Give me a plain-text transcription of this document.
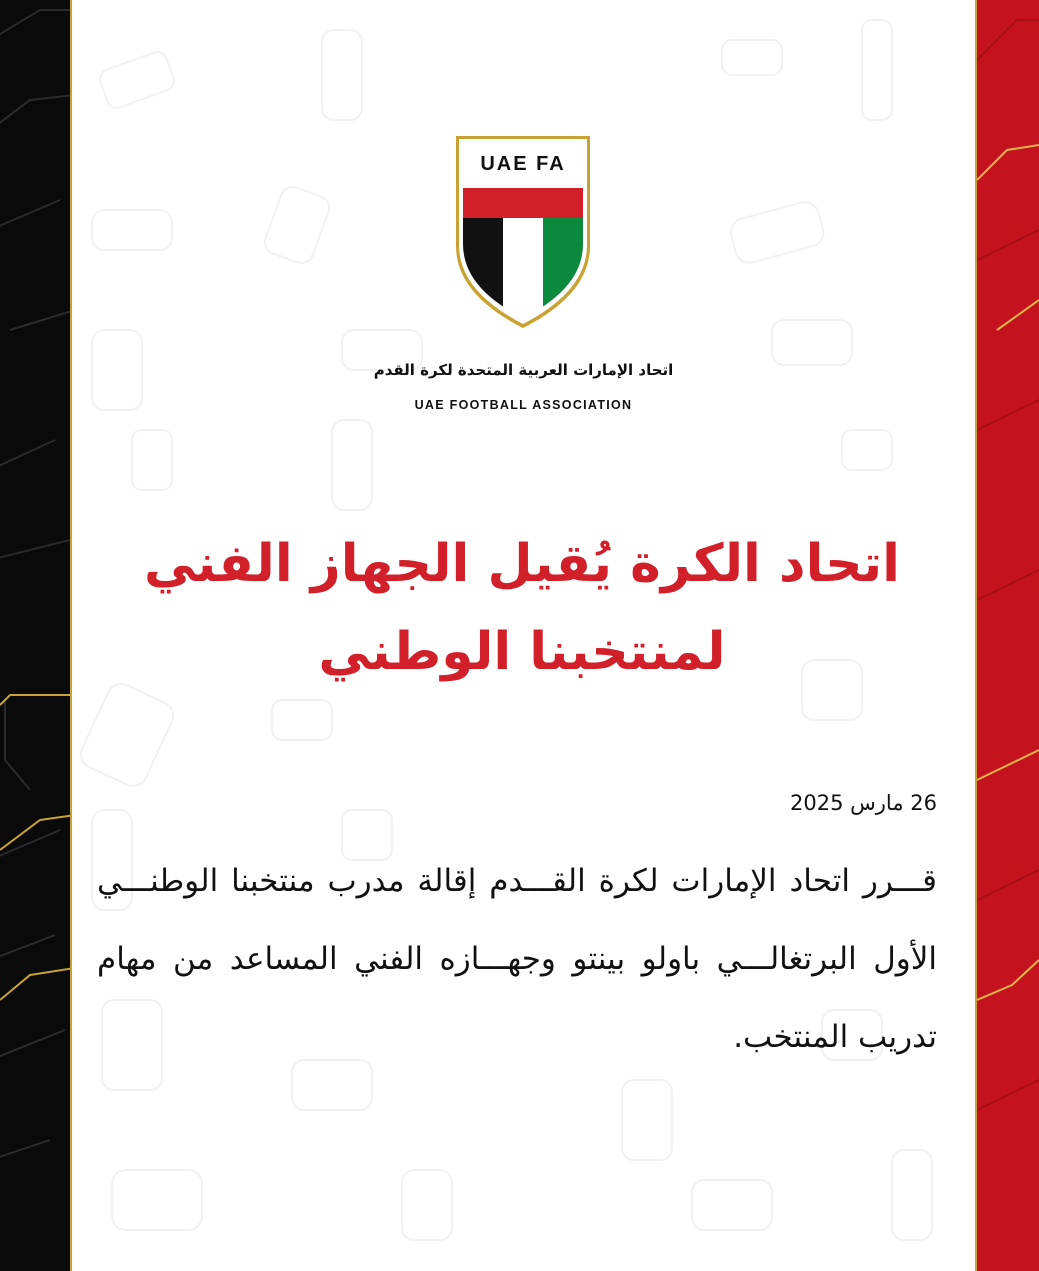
UAE FA
اتحاد الإمارات العربية المتحدة لكرة القدم
UAE FOOTBALL ASSOCIATION
اتحاد الكرة يُقيل الجهاز الفني لمنتخبنا الوطني
26 مارس 2025
قـــرر اتحاد الإمارات لكرة القـــدم إقالة مدرب منتخبنا الوطنـــي الأول البرتغالـــي باولو بينتو وجهـــازه الفني المساعد من مهام تدريب المنتخب.
